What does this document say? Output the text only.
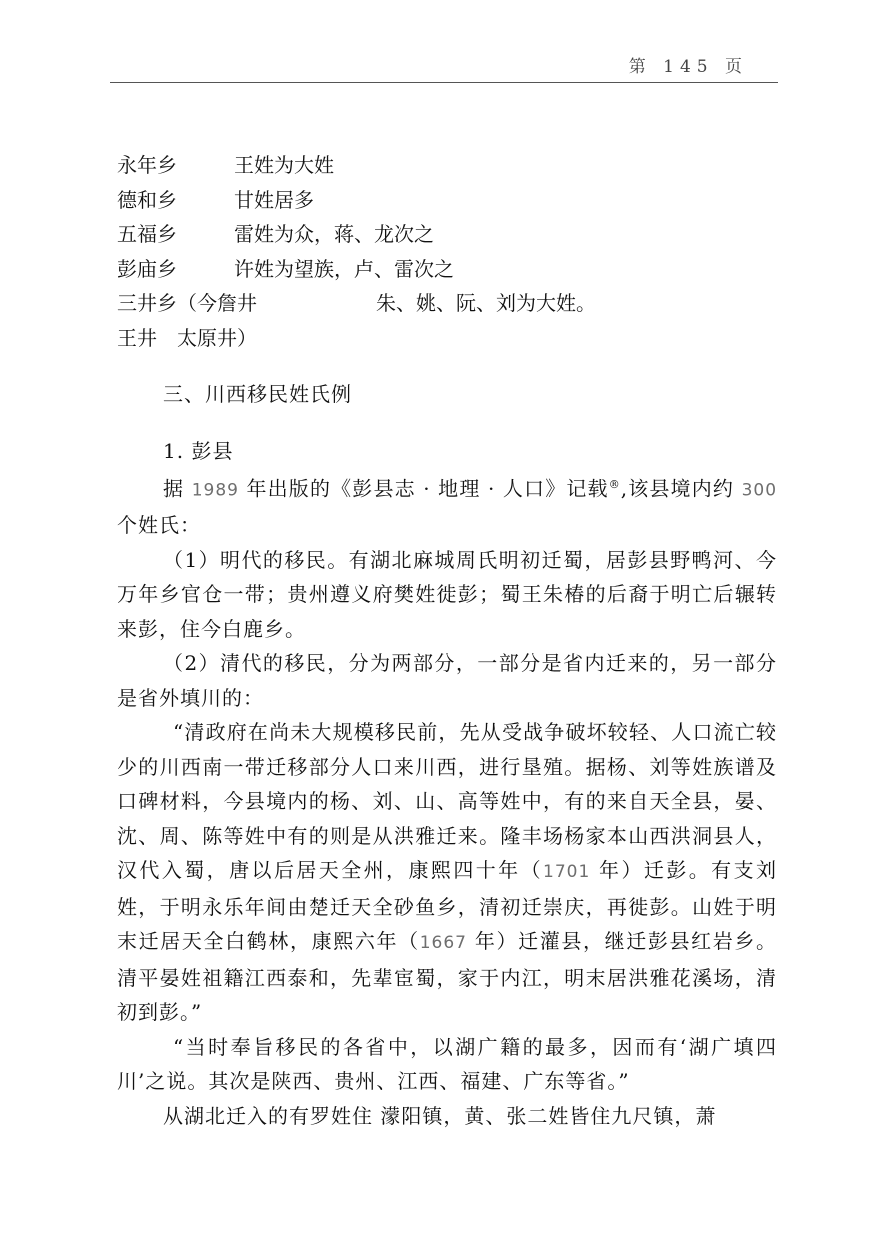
第 145 页
永年乡	王姓为大姓
德和乡	甘姓居多
五福乡	雷姓为众，蒋、龙次之
彭庙乡	许姓为望族，卢、雷次之
三井乡（今詹井	朱、姚、阮、刘为大姓。
王井　太原井）

三、川西移民姓氏例

1. 彭县

据 1989 年出版的《彭县志 · 地理 · 人口》记载®,该县境内约 300 个姓氏：

（1）明代的移民。有湖北麻城周氏明初迁蜀，居彭县野鸭河、今万年乡官仓一带；贵州遵义府樊姓徙彭；蜀王朱椿的后裔于明亡后辗转来彭，住今白鹿乡。

（2）清代的移民，分为两部分，一部分是省内迁来的，另一部分是省外填川的：

“清政府在尚未大规模移民前，先从受战争破坏较轻、人口流亡较少的川西南一带迁移部分人口来川西，进行垦殖。据杨、刘等姓族谱及口碑材料，今县境内的杨、刘、山、高等姓中，有的来自天全县，晏、沈、周、陈等姓中有的则是从洪雅迁来。隆丰场杨家本山西洪洞县人，汉代入蜀，唐以后居天全州，康熙四十年（1701 年）迁彭。有支刘姓，于明永乐年间由楚迁天全砂鱼乡，清初迁崇庆，再徙彭。山姓于明末迁居天全白鹤林，康熙六年（1667 年）迁灌县，继迁彭县红岩乡。清平晏姓祖籍江西泰和，先辈宦蜀，家于内江，明末居洪雅花溪场，清初到彭。”

“当时奉旨移民的各省中，以湖广籍的最多，因而有‘湖广填四川’之说。其次是陕西、贵州、江西、福建、广东等省。”

从湖北迁入的有罗姓住 濛阳镇，黄、张二姓皆住九尺镇，萧
